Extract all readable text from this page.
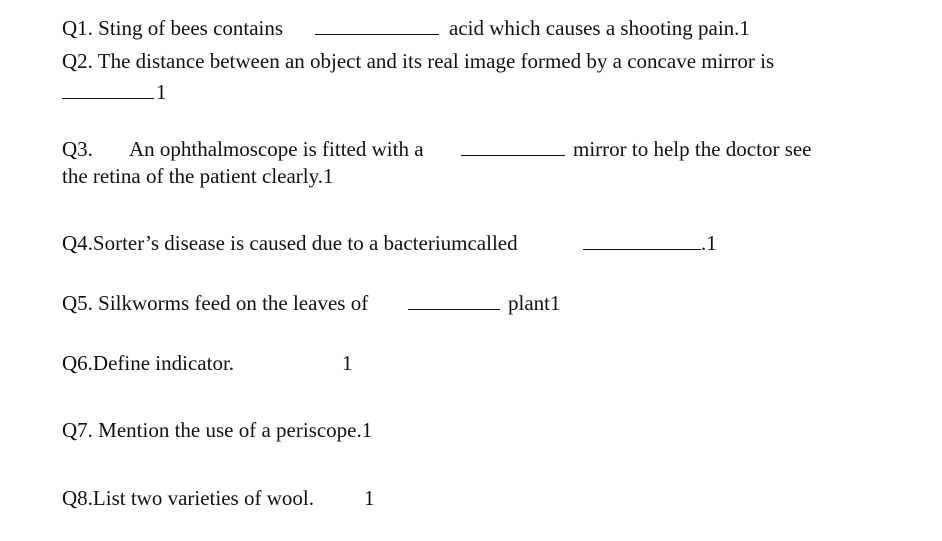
Q1. Sting of bees contains	acid which causes a shooting pain.1
Q2. The distance between an object and its real image formed by a concave mirror is
1
Q3. An ophthalmoscope is fitted with a	mirror to help the doctor see
the retina of the patient clearly.1
Q4.Sorter’s disease is caused due to a bacteriumcalled	.1
Q5. Silkworms feed on the leaves of	plant1
Q6.Define indicator.	1
Q7. Mention the use of a periscope.1
Q8.List two varieties of wool. 1
